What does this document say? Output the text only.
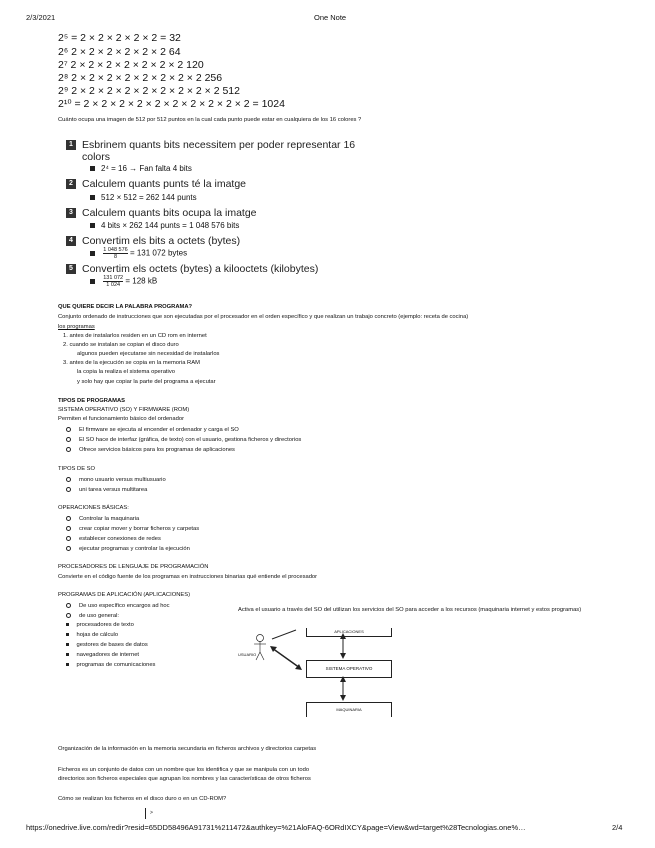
2/3/2021	One Note
2⁵ = 2 × 2 × 2 × 2 × 2 = 32
2⁶ 2 × 2 × 2 × 2 × 2 × 2 64
2⁷ 2 × 2 × 2 × 2 × 2 × 2 × 2 120
2⁸ 2 × 2 × 2 × 2 × 2 × 2 × 2 × 2 256
2⁹ 2 × 2 × 2 × 2 × 2 × 2 × 2 × 2 × 2 512
2¹⁰ = 2 × 2 × 2 × 2 × 2 × 2 × 2 × 2 × 2 × 2 = 1024
Cuánto ocupa una imagen de 512 por 512 puntos en la cual cada punto puede estar en cualquiera de los 16 colores ?
1 Esbrinem quants bits necessitem per poder representar 16
colors
2⁴ = 16 → Fan falta 4 bits
2 Calculem quants punts té la imatge
512 × 512 = 262 144 punts
3 Calculem quants bits ocupa la imatge
4 bits × 262 144 punts = 1 048 576 bits
4 Convertim els bits a octets (bytes)

$\frac{1 048 576}{8} = 131$ 072 bytes
5 Convertim els octets (bytes) a kilooctets (kilobytes)

$\frac{131 072}{1 024} = 128$ kB
QUE QUIERE DECIR LA PALABRA PROGRAMA?
Conjunto ordenado de instrucciones que son ejecutadas por el procesador en el orden específico y que realizan un trabajo concreto (ejemplo: receta de cocina)
los programas
1. antes de instalarlos residen en un CD rom en internet
2. cuando se instalan se copian el disco duro
algunos pueden ejecutarse sin necesidad de instalarlos
3. antes de la ejecución se copia en la memoria RAM
la copia la realiza el sistema operativo
y solo hay que copiar la parte del programa a ejecutar
TIPOS DE PROGRAMAS
SISTEMA OPERATIVO (SO) Y FIRMWARE (ROM)
Permiten el funcionamiento básico del ordenador
El firmware se ejecuta al encender el ordenador y carga el SO
El SO hace de interfaz (gráfica, de texto) con el usuario, gestiona ficheros y directorios
Ofrece servicios básicos para los programas de aplicaciones
TIPOS DE SO
mono usuario versus multiusuario
uni tarea versus multitarea
OPERACIONES BÁSICAS:
Controlar la maquinaria
crear copiar mover y borrar ficheros y carpetas
establecer conexiones de redes
ejecutar programas y controlar la ejecución
PROCESADORES DE LENGUAJE DE PROGRAMACIÓN
Convierte en el código fuente de los programas en instrucciones binarias qué entiende el procesador
PROGRAMAS DE APLICACIÓN (APLICACIONES)
De uso específico encargos ad hoc
de uso general:
procesadores de texto
hojas de cálculo
gestores de bases de datos
navegadores de internet
programas de comunicaciones
Activa el usuario a través del SO del utilizan los servicios del SO para acceder a los recursos (maquinaria internet y estos programas)
USUARIO
APLICACIONES
SISTEMA OPERATIVO
MAQUINARIA
Organización de la información en la memoria secundaria en ficheros archivos y directorios carpetas
Ficheros es un conjunto de datos con un nombre que los identifica y que se manipula con un todo
directorios son ficheros especiales que agrupan los nombres y las características de otros ficheros
Cómo se realizan los ficheros en el disco duro o en un CD-ROM?
>
https://onedrive.live.com/redir?resid=65DD58496A91731%211472&authkey=%21AloFAQ-6ORdIXCY&page=View&wd=target%28Tecnologias.one%…	2/4
